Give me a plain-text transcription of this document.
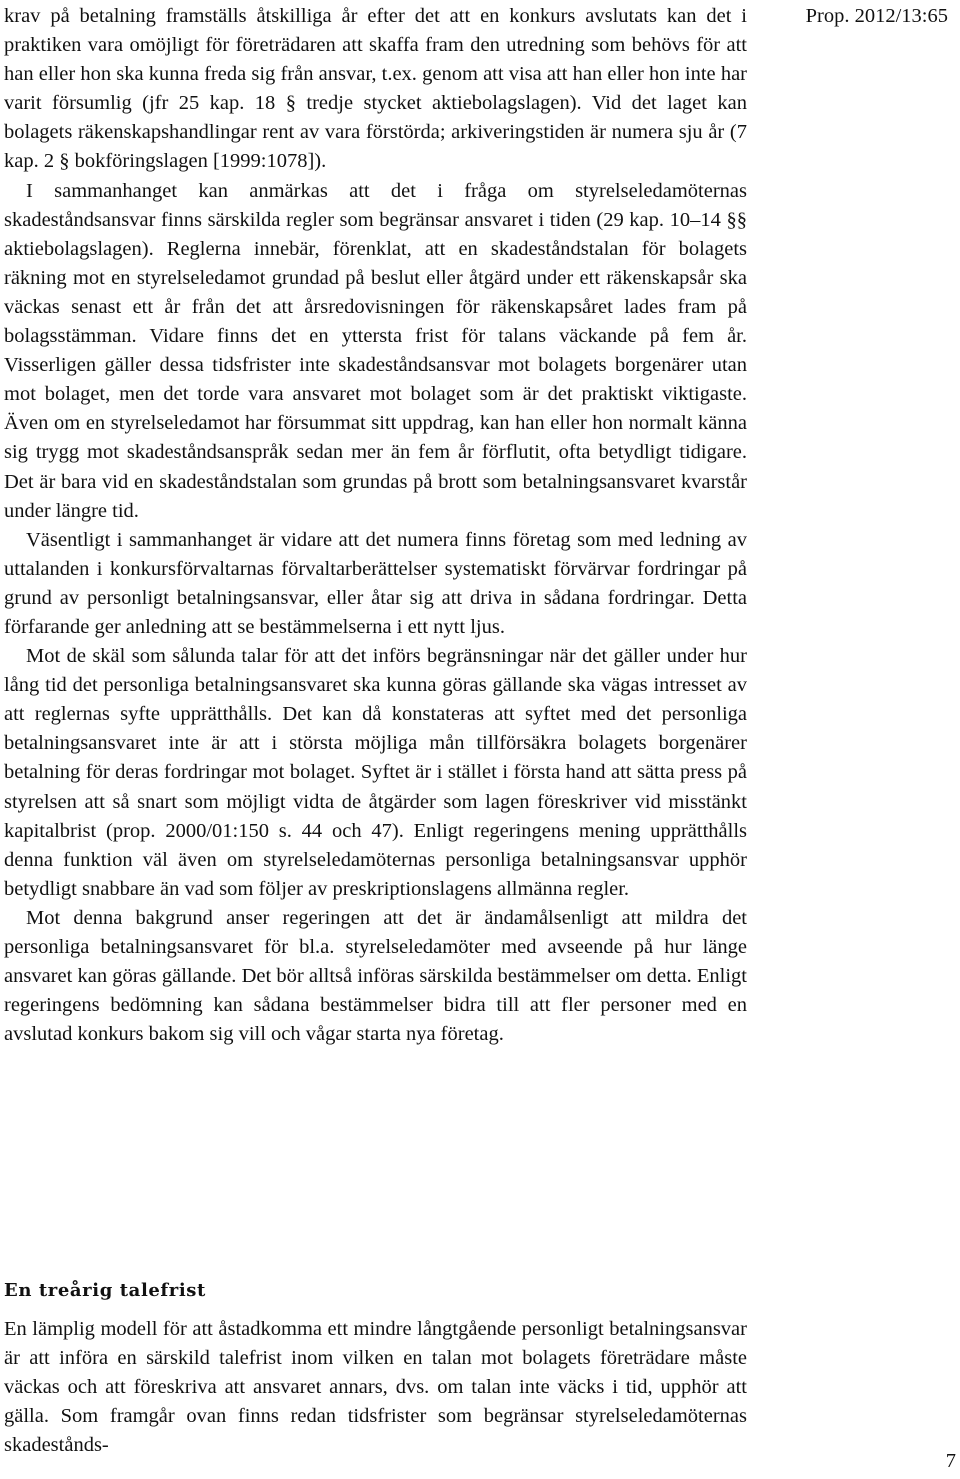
Prop. 2012/13:65

krav på betalning framställs åtskilliga år efter det att en konkurs avslutats kan det i praktiken vara omöjligt för företrädaren att skaffa fram den utredning som behövs för att han eller hon ska kunna freda sig från ansvar, t.ex. genom att visa att han eller hon inte har varit försumlig (jfr 25 kap. 18 § tredje stycket aktiebolagslagen). Vid det laget kan bolagets räkenskapshandlingar rent av vara förstörda; arkiveringstiden är numera sju år (7 kap. 2 § bokföringslagen [1999:1078]).

I sammanhanget kan anmärkas att det i fråga om styrelseledamöternas skadeståndsansvar finns särskilda regler som begränsar ansvaret i tiden (29 kap. 10–14 §§ aktiebolagslagen). Reglerna innebär, förenklat, att en skadeståndstalan för bolagets räkning mot en styrelseledamot grundad på beslut eller åtgärd under ett räkenskapsår ska väckas senast ett år från det att årsredovisningen för räkenskapsåret lades fram på bolagsstämman. Vidare finns det en yttersta frist för talans väckande på fem år. Visserligen gäller dessa tidsfrister inte skadeståndsansvar mot bolagets borgenärer utan mot bolaget, men det torde vara ansvaret mot bolaget som är det praktiskt viktigaste. Även om en styrelseledamot har försummat sitt uppdrag, kan han eller hon normalt känna sig trygg mot skadeståndsanspråk sedan mer än fem år förflutit, ofta betydligt tidigare. Det är bara vid en skadeståndstalan som grundas på brott som betalningsansvaret kvarstår under längre tid.

Väsentligt i sammanhanget är vidare att det numera finns företag som med ledning av uttalanden i konkursförvaltarnas förvaltarberättelser systematiskt förvärvar fordringar på grund av personligt betalningsansvar, eller åtar sig att driva in sådana fordringar. Detta förfarande ger anledning att se bestämmelserna i ett nytt ljus.

Mot de skäl som sålunda talar för att det införs begränsningar när det gäller under hur lång tid det personliga betalningsansvaret ska kunna göras gällande ska vägas intresset av att reglernas syfte upprätthålls. Det kan då konstateras att syftet med det personliga betalningsansvaret inte är att i största möjliga mån tillförsäkra bolagets borgenärer betalning för deras fordringar mot bolaget. Syftet är i stället i första hand att sätta press på styrelsen att så snart som möjligt vidta de åtgärder som lagen föreskriver vid misstänkt kapitalbrist (prop. 2000/01:150 s. 44 och 47). Enligt regeringens mening upprätthålls denna funktion väl även om styrelseledamöternas personliga betalningsansvar upphör betydligt snabbare än vad som följer av preskriptionslagens allmänna regler.

Mot denna bakgrund anser regeringen att det är ändamålsenligt att mildra det personliga betalningsansvaret för bl.a. styrelseledamöter med avseende på hur länge ansvaret kan göras gällande. Det bör alltså införas särskilda bestämmelser om detta. Enligt regeringens bedömning kan sådana bestämmelser bidra till att fler personer med en avslutad konkurs bakom sig vill och vågar starta nya företag.

En treårig talefrist

En lämplig modell för att åstadkomma ett mindre långtgående personligt betalningsansvar är att införa en särskild talefrist inom vilken en talan mot bolagets företrädare måste väckas och att föreskriva att ansvaret annars, dvs. om talan inte väcks i tid, upphör att gälla. Som framgår ovan finns redan tidsfrister som begränsar styrelseledamöternas skadestånds-

7
